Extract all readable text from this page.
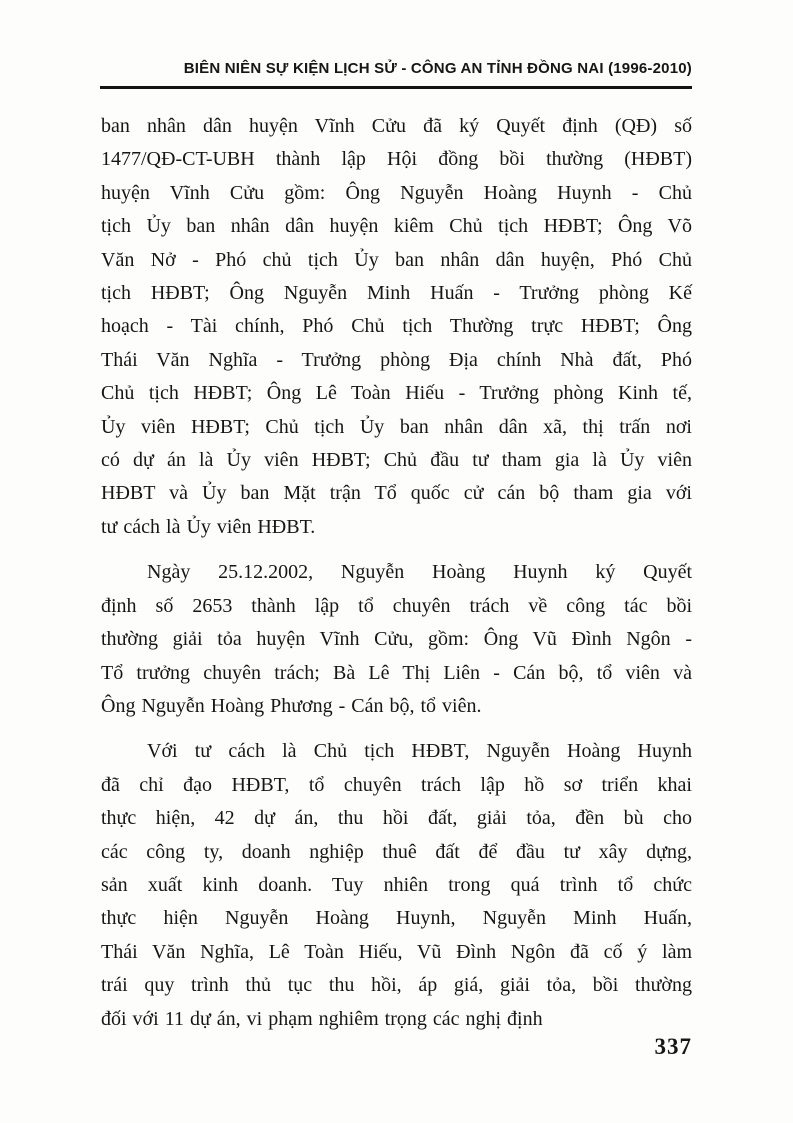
BIÊN NIÊN SỰ KIỆN LỊCH SỬ - CÔNG AN TỈNH ĐỒNG NAI (1996-2010)
ban nhân dân huyện Vĩnh Cửu đã ký Quyết định (QĐ) số
1477/QĐ-CT-UBH thành lập Hội đồng bồi thường (HĐBT)
huyện Vĩnh Cửu gồm: Ông Nguyễn Hoàng Huynh - Chủ
tịch Ủy ban nhân dân huyện kiêm Chủ tịch HĐBT; Ông Võ
Văn Nở - Phó chủ tịch Ủy ban nhân dân huyện, Phó Chủ
tịch HĐBT; Ông Nguyễn Minh Huấn - Trưởng phòng Kế
hoạch - Tài chính, Phó Chủ tịch Thường trực HĐBT; Ông
Thái Văn Nghĩa - Trưởng phòng Địa chính Nhà đất, Phó
Chủ tịch HĐBT; Ông Lê Toàn Hiếu - Trưởng phòng Kinh tế,
Ủy viên HĐBT; Chủ tịch Ủy ban nhân dân xã, thị trấn nơi
có dự án là Ủy viên HĐBT; Chủ đầu tư tham gia là Ủy viên
HĐBT và Ủy ban Mặt trận Tổ quốc cử cán bộ tham gia với
tư cách là Ủy viên HĐBT.
Ngày 25.12.2002, Nguyễn Hoàng Huynh ký Quyết
định số 2653 thành lập tổ chuyên trách về công tác bồi
thường giải tỏa huyện Vĩnh Cửu, gồm: Ông Vũ Đình Ngôn -
Tổ trưởng chuyên trách; Bà Lê Thị Liên - Cán bộ, tổ viên và
Ông Nguyễn Hoàng Phương - Cán bộ, tổ viên.
Với tư cách là Chủ tịch HĐBT, Nguyễn Hoàng Huynh
đã chỉ đạo HĐBT, tổ chuyên trách lập hồ sơ triển khai
thực hiện, 42 dự án, thu hồi đất, giải tỏa, đền bù cho
các công ty, doanh nghiệp thuê đất để đầu tư xây dựng,
sản xuất kinh doanh. Tuy nhiên trong quá trình tổ chức
thực hiện Nguyễn Hoàng Huynh, Nguyễn Minh Huấn,
Thái Văn Nghĩa, Lê Toàn Hiếu, Vũ Đình Ngôn đã cố ý làm
trái quy trình thủ tục thu hồi, áp giá, giải tỏa, bồi thường
đối với 11 dự án, vi phạm nghiêm trọng các nghị định
337
